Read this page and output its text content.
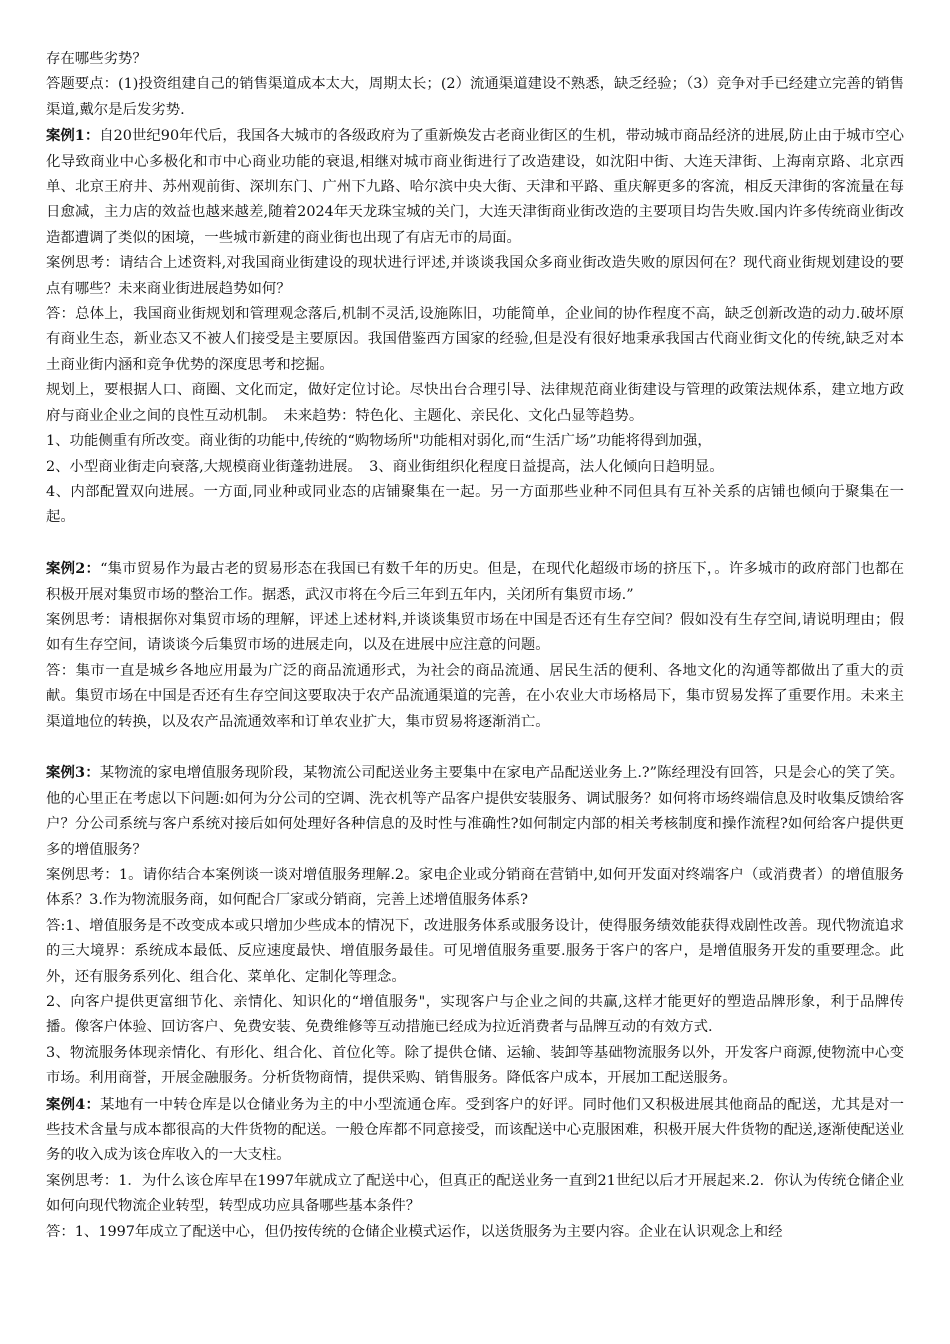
存在哪些劣势？

答题要点：(1)投资组建自己的销售渠道成本太大，周期太长；(2）流通渠道建设不熟悉，缺乏经验；（3）竞争对手已经建立完善的销售渠道,戴尔是后发劣势.

案例1：自20世纪90年代后，我国各大城市的各级政府为了重新焕发古老商业街区的生机，带动城市商品经济的进展,防止由于城市空心化导致商业中心多极化和市中心商业功能的衰退,相继对城市商业街进行了改造建设，如沈阳中街、大连天津街、上海南京路、北京西单、北京王府井、苏州观前街、深圳东门、广州下九路、哈尔滨中央大街、天津和平路、重庆解更多的客流，相反天津街的客流量在每日愈减，主力店的效益也越来越差,随着2024年天龙珠宝城的关门，大连天津街商业街改造的主要项目均告失败.国内许多传统商业街改造都遭调了类似的困境，一些城市新建的商业街也出现了有店无市的局面。

案例思考：请结合上述资料,对我国商业街建设的现状进行评述,并谈谈我国众多商业街改造失败的原因何在？现代商业街规划建设的要点有哪些？未来商业街进展趋势如何？

答：总体上，我国商业街规划和管理观念落后,机制不灵活,设施陈旧，功能简单，企业间的协作程度不高，缺乏创新改造的动力.破坏原有商业生态，新业态又不被人们接受是主要原因。我国借鉴西方国家的经验,但是没有很好地秉承我国古代商业街文化的传统,缺乏对本土商业街内涵和竞争优势的深度思考和挖掘。

规划上，要根据人口、商圈、文化而定，做好定位讨论。尽快出台合理引导、法律规范商业街建设与管理的政策法规体系，建立地方政府与商业企业之间的良性互动机制。　未来趋势：特色化、主题化、亲民化、文化凸显等趋势。

1、功能侧重有所改变。商业街的功能中,传统的“购物场所"功能相对弱化,而“生活广场”功能将得到加强，

2、小型商业街走向衰落,大规模商业街蓬勃进展。　3、商业街组织化程度日益提高，法人化倾向日趋明显。

4、内部配置双向进展。一方面,同业种或同业态的店铺聚集在一起。另一方面那些业种不同但具有互补关系的店铺也倾向于聚集在一起。

案例2：“集市贸易作为最古老的贸易形态在我国已有数千年的历史。但是，在现代化超级市场的挤压下，。许多城市的政府部门也都在积极开展对集贸市场的整治工作。据悉，武汉市将在今后三年到五年内，关闭所有集贸市场.”

案例思考：请根据你对集贸市场的理解，评述上述材料,并谈谈集贸市场在中国是否还有生存空间？假如没有生存空间,请说明理由；假如有生存空间，请谈谈今后集贸市场的进展走向，以及在进展中应注意的问题。

答：集市一直是城乡各地应用最为广泛的商品流通形式，为社会的商品流通、居民生活的便利、各地文化的沟通等都做出了重大的贡献。集贸市场在中国是否还有生存空间这要取决于农产品流通渠道的完善，在小农业大市场格局下，集市贸易发挥了重要作用。未来主渠道地位的转换，以及农产品流通效率和订单农业扩大，集市贸易将逐渐消亡。

案例3：某物流的家电增值服务现阶段，某物流公司配送业务主要集中在家电产品配送业务上.?”陈经理没有回答，只是会心的笑了笑。他的心里正在考虑以下问题:如何为分公司的空调、洗衣机等产品客户提供安装服务、调试服务？如何将市场终端信息及时收集反馈给客户？分公司系统与客户系统对接后如何处理好各种信息的及时性与准确性?如何制定内部的相关考核制度和操作流程?如何给客户提供更多的增值服务？

案例思考：1。请你结合本案例谈一谈对增值服务理解.2。家电企业或分销商在营销中,如何开发面对终端客户（或消费者）的增值服务体系？3.作为物流服务商，如何配合厂家或分销商，完善上述增值服务体系?

答:1、增值服务是不改变成本或只增加少些成本的情况下，改进服务体系或服务设计，使得服务绩效能获得戏剧性改善。现代物流追求的三大境界：系统成本最低、反应速度最快、增值服务最佳。可见增值服务重要.服务于客户的客户，是增值服务开发的重要理念。此外，还有服务系列化、组合化、菜单化、定制化等理念。

2、向客户提供更富细节化、亲情化、知识化的“增值服务"，实现客户与企业之间的共赢,这样才能更好的塑造品牌形象，利于品牌传播。像客户体验、回访客户、免费安装、免费维修等互动措施已经成为拉近消费者与品牌互动的有效方式.

3、物流服务体现亲情化、有形化、组合化、首位化等。除了提供仓储、运输、装卸等基础物流服务以外，开发客户商源,使物流中心变市场。利用商誉，开展金融服务。分析货物商情，提供采购、销售服务。降低客户成本，开展加工配送服务。

案例4：某地有一中转仓库是以仓储业务为主的中小型流通仓库。受到客户的好评。同时他们又积极进展其他商品的配送，尤其是对一些技术含量与成本都很高的大件货物的配送。一般仓库都不同意接受，而该配送中心克服困难，积极开展大件货物的配送,逐渐使配送业务的收入成为该仓库收入的一大支柱。

案例思考：1．为什么该仓库早在1997年就成立了配送中心，但真正的配送业务一直到21世纪以后才开展起来.2．你认为传统仓储企业如何向现代物流企业转型，转型成功应具备哪些基本条件？

答：1、1997年成立了配送中心，但仍按传统的仓储企业模式运作，以送货服务为主要内容。企业在认识观念上和经
